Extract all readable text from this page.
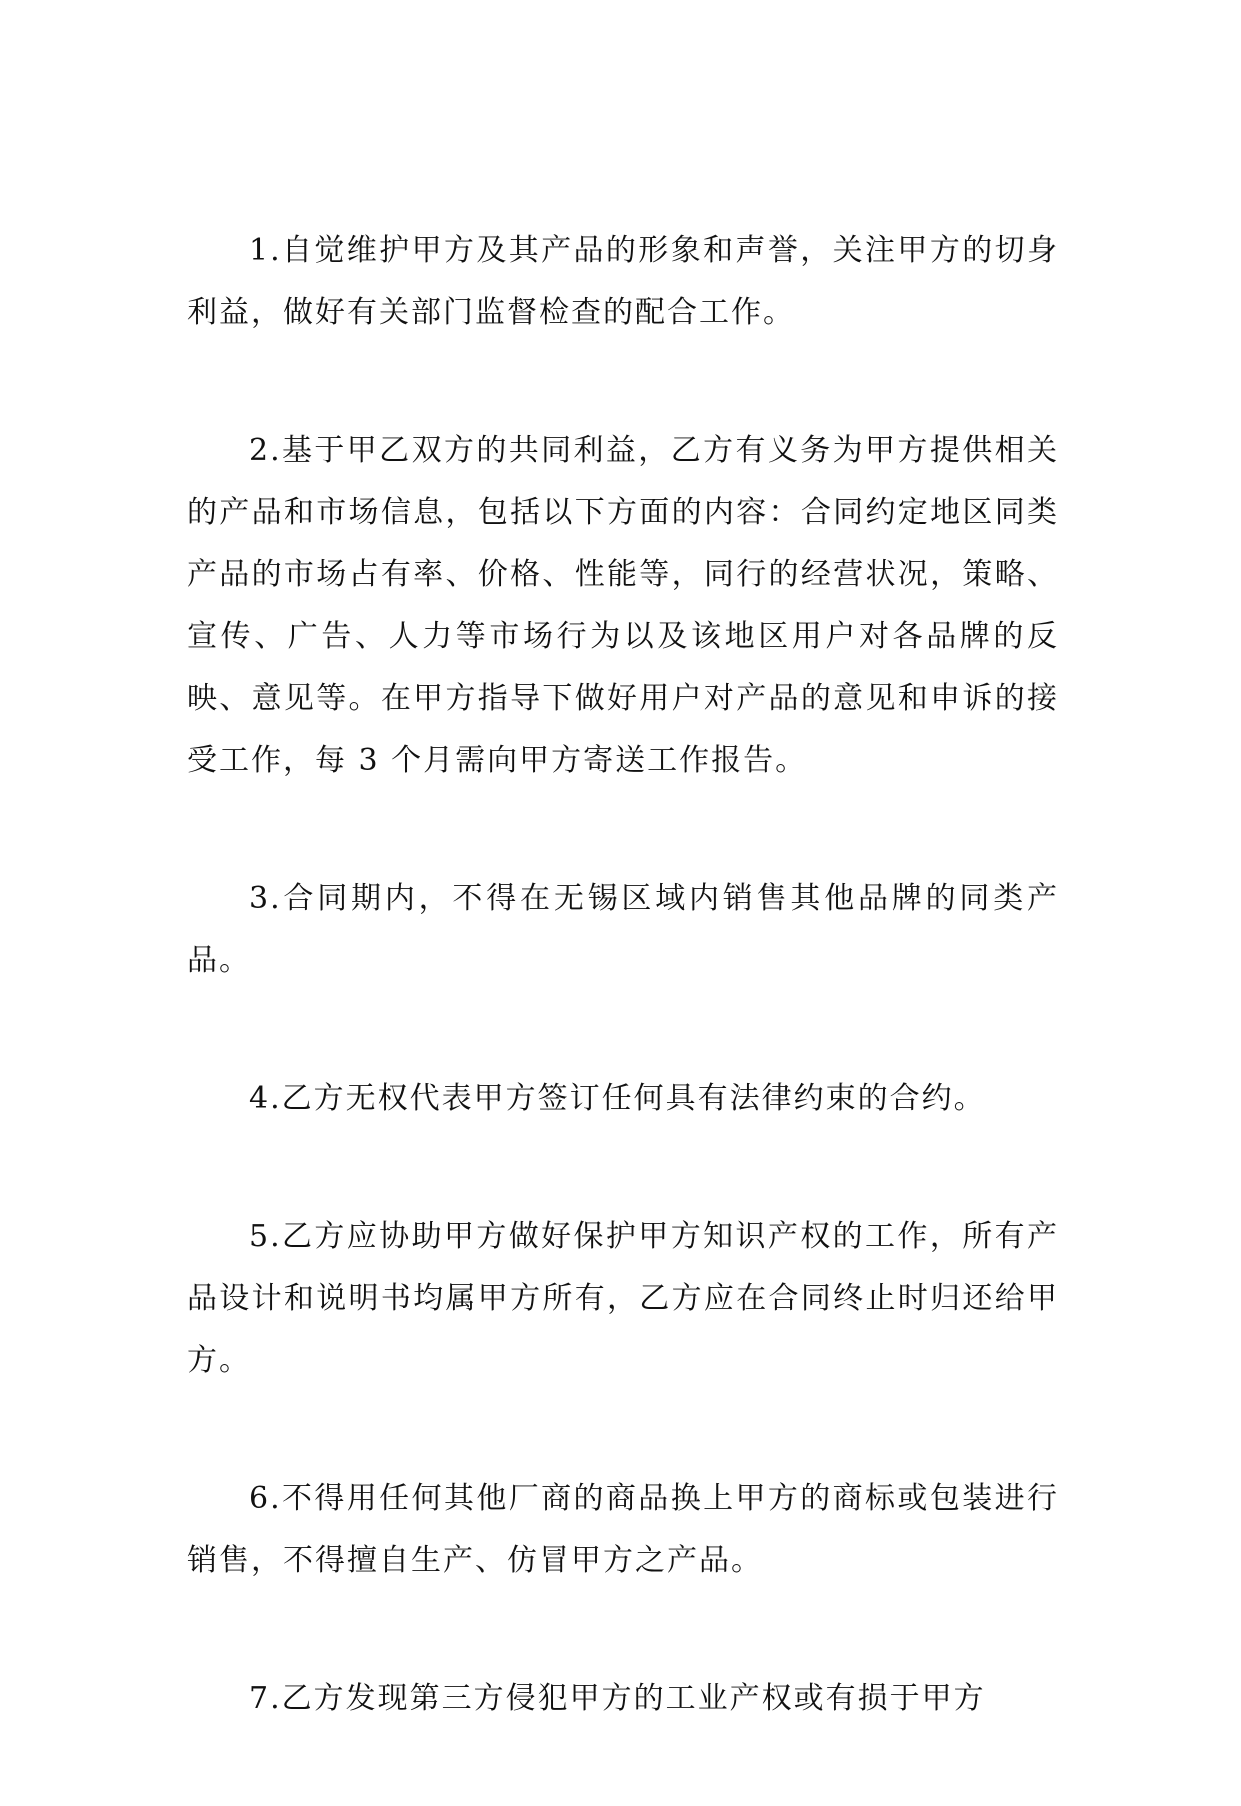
1.自觉维护甲方及其产品的形象和声誉，关注甲方的切身利益，做好有关部门监督检查的配合工作。

2.基于甲乙双方的共同利益，乙方有义务为甲方提供相关的产品和市场信息，包括以下方面的内容：合同约定地区同类产品的市场占有率、价格、性能等，同行的经营状况，策略、宣传、广告、人力等市场行为以及该地区用户对各品牌的反映、意见等。在甲方指导下做好用户对产品的意见和申诉的接受工作，每 3 个月需向甲方寄送工作报告。

3.合同期内，不得在无锡区域内销售其他品牌的同类产品。

4.乙方无权代表甲方签订任何具有法律约束的合约。

5.乙方应协助甲方做好保护甲方知识产权的工作，所有产品设计和说明书均属甲方所有，乙方应在合同终止时归还给甲方。

6.不得用任何其他厂商的商品换上甲方的商标或包装进行销售，不得擅自生产、仿冒甲方之产品。

7.乙方发现第三方侵犯甲方的工业产权或有损于甲方
